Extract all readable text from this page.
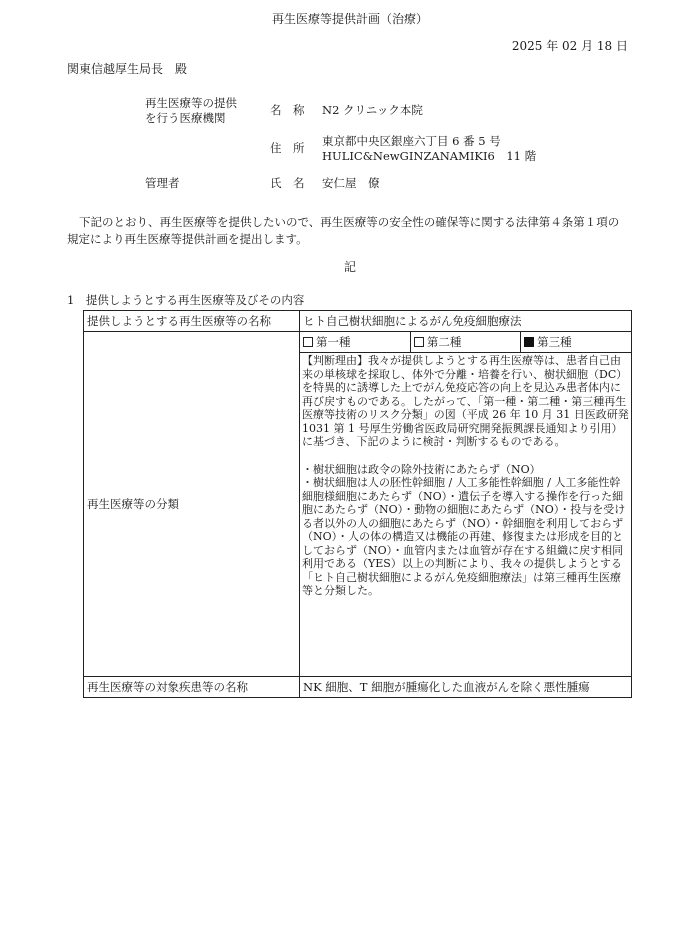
再生医療等提供計画（治療）
2025 年 02 月 18 日
関東信越厚生局長　殿
再生医療等の提供
を行う医療機関
名　称 N2 クリニック本院
住　所 東京都中央区銀座六丁目 6 番 5 号
HULIC&NewGINZANAMIKI6　11 階
管理者	氏　名 安仁屋　僚
下記のとおり、再生医療等を提供したいので、再生医療等の安全性の確保等に関する法律第４条第１項の規定により再生医療等提供計画を提出します。
記
1　提供しようとする再生医療等及びその内容
提供しようとする再生医療等の名称	ヒト自己樹状細胞によるがん免疫細胞療法
再生医療等の分類	
第一種	第二種	第三種

【判断理由】我々が提供しようとする再生医療等は、患者自己由来の単核球を採取し、体外で分離・培養を行い、樹状細胞（DC）を特異的に誘導した上でがん免疫応答の向上を見込み患者体内に再び戻すものである。したがって、「第一種・第二種・第三種再生医療等技術のリスク分類」の図（平成 26 年 10 月 31 日医政研発 1031 第 1 号厚生労働省医政局研究開発振興課長通知より引用）に基づき、下記のように検討・判断するものである。

・樹状細胞は政令の除外技術にあたらず（NO）

・樹状細胞は人の胚性幹細胞 / 人工多能性幹細胞 / 人工多能性幹細胞様細胞にあたらず（NO）・遺伝子を導入する操作を行った細胞にあたらず（NO）・動物の細胞にあたらず（NO）・投与を受ける者以外の人の細胞にあたらず（NO）・幹細胞を利用しておらず（NO）・人の体の構造又は機能の再建、修復または形成を目的としておらず（NO）・血管内または血管が存在する組織に戻す相同利用である（YES）以上の判断により、我々の提供しようとする「ヒト自己樹状細胞によるがん免疫細胞療法」は第三種再生医療等と分類した。

再生医療等の対象疾患等の名称	NK 細胞、T 細胞が腫瘍化した血液がんを除く悪性腫瘍
